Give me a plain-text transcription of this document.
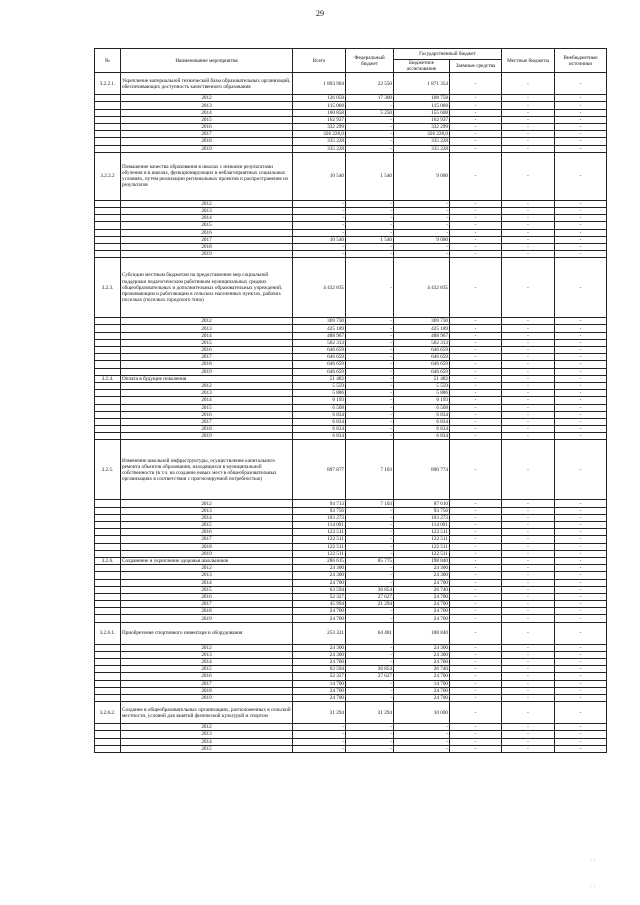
29
№	Наименование мероприятия	Всего	Федеральный бюджет	Государственный бюджет		Местные бюджеты	Внебюджетные источники
				Бюджетное ассигнование	Заемные средства		
3.2.2.1.	Укрепление материальной технической базы образовательных организаций, обеспечивающих доступность качественного образования	1 893 904	22 550	1 871 354	-	-	-
	2012	126 058	17 300	108 758	-	-	-
	2013	115 068	-	115 068	-	-	-
	2014	160 858	5 250	155 608	-	-	-
	2015	162 937	-	162 937	-	-	-
	2016	332 299	-	332 299	-	-	-
	2017	326 228,0	-	326 228,0	-	-	-
	2018	335 228	-	335 228	-	-	-
	2019	335 228	-	335 228	-	-	-
3.2.2.2	Повышение качества образования в школах с низкими результатами обучения и в школах, функционирующих в неблагоприятных социальных условиях, путем реализации региональных проектов и распространение их результатов	10 540	1 540	9 000	-	-	-
	2012	-	-	-	-	-	-
	2013	-	-	-	-	-	-
	2014	-	-	-	-	-	-
	2015	-	-	-	-	-	-
	2016	-	-	-	-	-	-
	2017	10 540	1 540	9 000	-	-	-
	2018	-	-	-	-	-	-
	2019	-	-	-	-	-	-
3.2.3.	Субсидии местным бюджетам на предоставление мер социальной поддержки педагогическим работникам муниципальных средних общеобразовательных и дополнительных образовательных учреждений, проживающим и работающим в сельских населенных пунктах, рабочих поселках (поселках городского типа)	4 432 835	-	4 432 835	-	-	-
	2012	369 730	-	369 730	-	-	-
	2013	425 189	-	425 189	-	-	-
	2014	488 967	-	488 967	-	-	-
	2015	562 313	-	562 313	-	-	-
	2016	646 659	-	646 659	-	-	-
	2017	646 659	-	646 659	-	-	-
	2018	646 659	-	646 659	-	-	-
	2019	646 659	-	646 659	-	-	-
3.2.4.	Оплата в будущие поколения	51 482	-	51 482	-	-	-
	2012	5 559	-	5 559	-	-	-
	2013	5 886	-	5 886	-	-	-
	2014	6 193	-	6 193	-	-	-
	2015	6 508	-	6 508	-	-	-
	2016	6 834	-	6 834	-	-	-
	2017	6 834	-	6 834	-	-	-
	2018	6 834	-	6 834	-	-	-
	2019	6 834	-	6 834	-	-	-
3.2.5.	Изменение школьной инфраструктуры, осуществление капитального ремонта объектов образования, находящихся в муниципальной собственности (в т.ч. на создание новых мест в общеобразовательных организациях в соответствии с прогнозируемой потребностью)	897 877	7 103	890 774	-	-	-
	2012	94 713	7 103	87 610	-	-	-
	2013	93 756	-	93 756	-	-	-
	2014	103 273	-	103 273	-	-	-
	2015	114 091	-	114 091	-	-	-
	2016	122 511	-	122 511	-	-	-
	2017	122 511	-	122 511	-	-	-
	2018	122 511	-	122 511	-	-	-
	2019	122 511	-	122 511	-	-	-
3.2.6.	Сохранение и укрепление здоровья школьников	286 615	85 775	198 840	-	-	-
	2012	24 300	-	24 300	-	-	-
	2013	24 300	-	24 300	-	-	-
	2014	24 700	-	24 700	-	-	-
	2015	63 594	36 854	26 740	-	-	-
	2016	52 327	27 627	24 700	-	-	-
	2017	45 994	21 294	24 700	-	-	-
	2018	24 700	-	24 700	-	-	-
	2019	24 700	-	24 700	-	-	-
3.2.6.1.	Приобретение спортивного инвентаря и оборудования	253 321	64 481	188 840	-	-	-
	2012	24 300	-	24 300	-	-	-
	2013	24 300	-	24 300	-	-	-
	2014	24 700	-	24 700	-	-	-
	2015	63 594	36 854	26 740	-	-	-
	2016	52 327	27 627	24 700	-	-	-
	2017	14 700	-	14 700	-	-	-
	2018	24 700	-	24 700	-	-	-
	2019	24 700	-	24 700	-	-	-
3.2.6.2.	Создание в общеобразовательных организациях, расположенных в сельской местности, условий для занятий физической культурой и спортом	31 294	21 294	10 000	-	-	-
	2012	-	-	-	-	-	-
	2013	-	-	-	-	-	-
	2014	-	-	-	-	-	-
	2015	-	-	-	-	-	-
· ·
· ·
